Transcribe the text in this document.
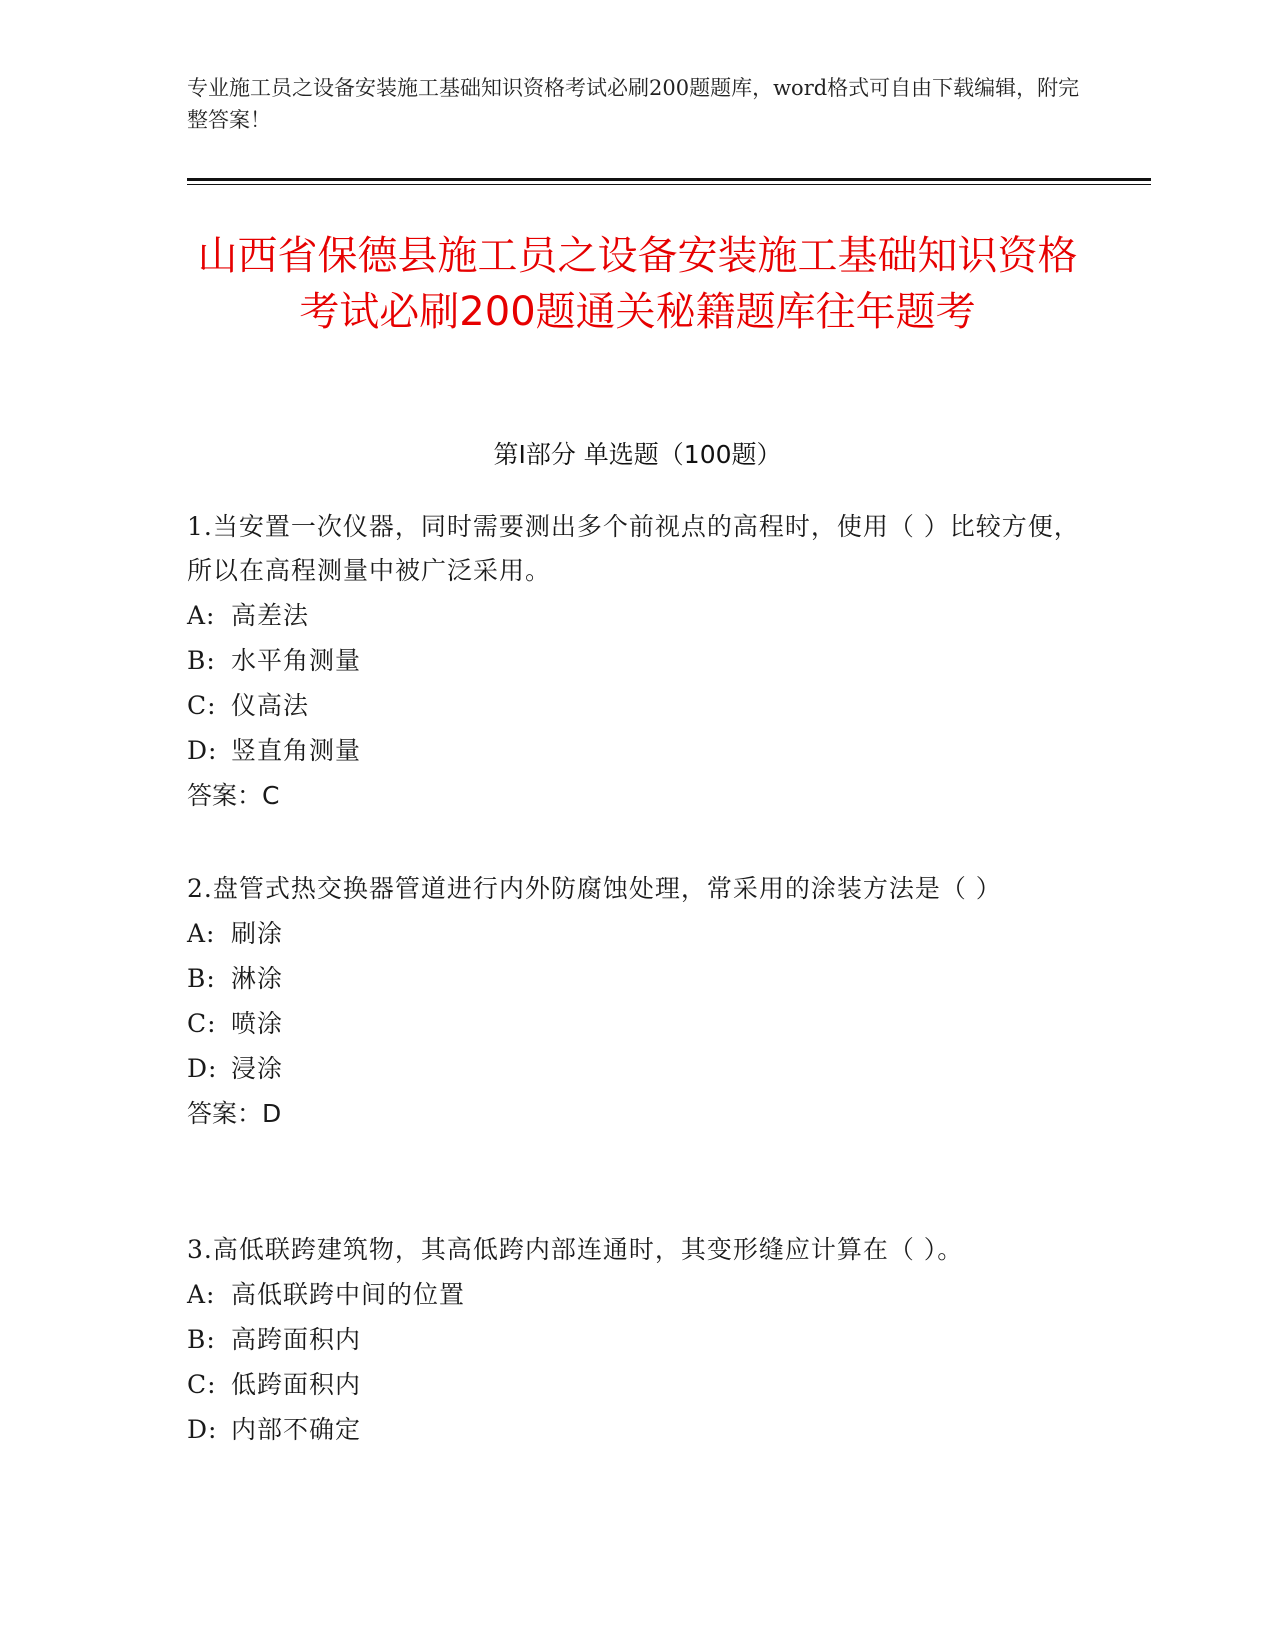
专业施工员之设备安装施工基础知识资格考试必刷200题题库，word格式可自由下载编辑，附完整答案！
山西省保德县施工员之设备安装施工基础知识资格考试必刷200题通关秘籍题库往年题考
第Ⅰ部分 单选题（100题）
1.当安置一次仪器，同时需要测出多个前视点的高程时，使用（ ）比较方便，所以在高程测量中被广泛采用。
A: 高差法
B: 水平角测量
C: 仪高法
D: 竖直角测量
答案：C
2.盘管式热交换器管道进行内外防腐蚀处理，常采用的涂装方法是（ ）
A: 刷涂
B: 淋涂
C: 喷涂
D: 浸涂
答案：D
3.高低联跨建筑物，其高低跨内部连通时，其变形缝应计算在（ ）。
A: 高低联跨中间的位置
B: 高跨面积内
C: 低跨面积内
D: 内部不确定
